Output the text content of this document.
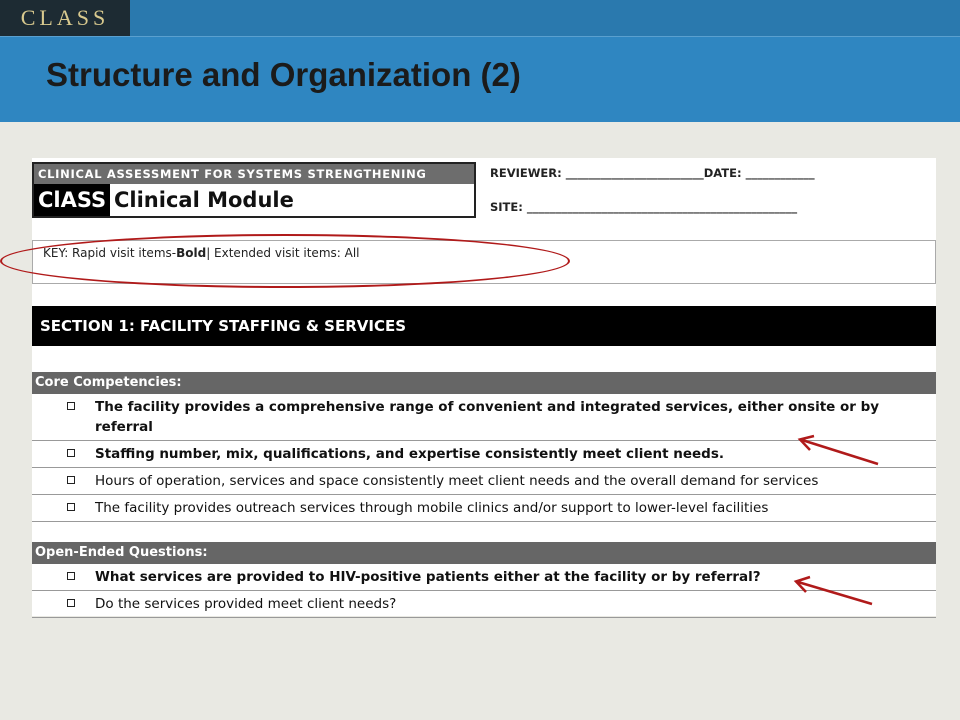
CLASS
Structure and Organization (2)
CLINICAL ASSESSMENT FOR SYSTEMS STRENGTHENING
ClASS Clinical Module
REVIEWER: ________________________DATE: ____________
SITE: _______________________________________________
KEY: Rapid visit items-Bold| Extended visit items: All
SECTION 1: FACILITY STAFFING & SERVICES
Core Competencies:
The facility provides a comprehensive range of convenient and integrated services, either onsite or by referral
Staffing number, mix, qualifications, and expertise consistently meet client needs.
Hours of operation, services and space consistently meet client needs and the overall demand for services
The facility provides outreach services through mobile clinics and/or support to lower-level facilities
Open-Ended Questions:
What services are provided to HIV-positive patients either at the facility or by referral?
Do the services provided meet client needs?
